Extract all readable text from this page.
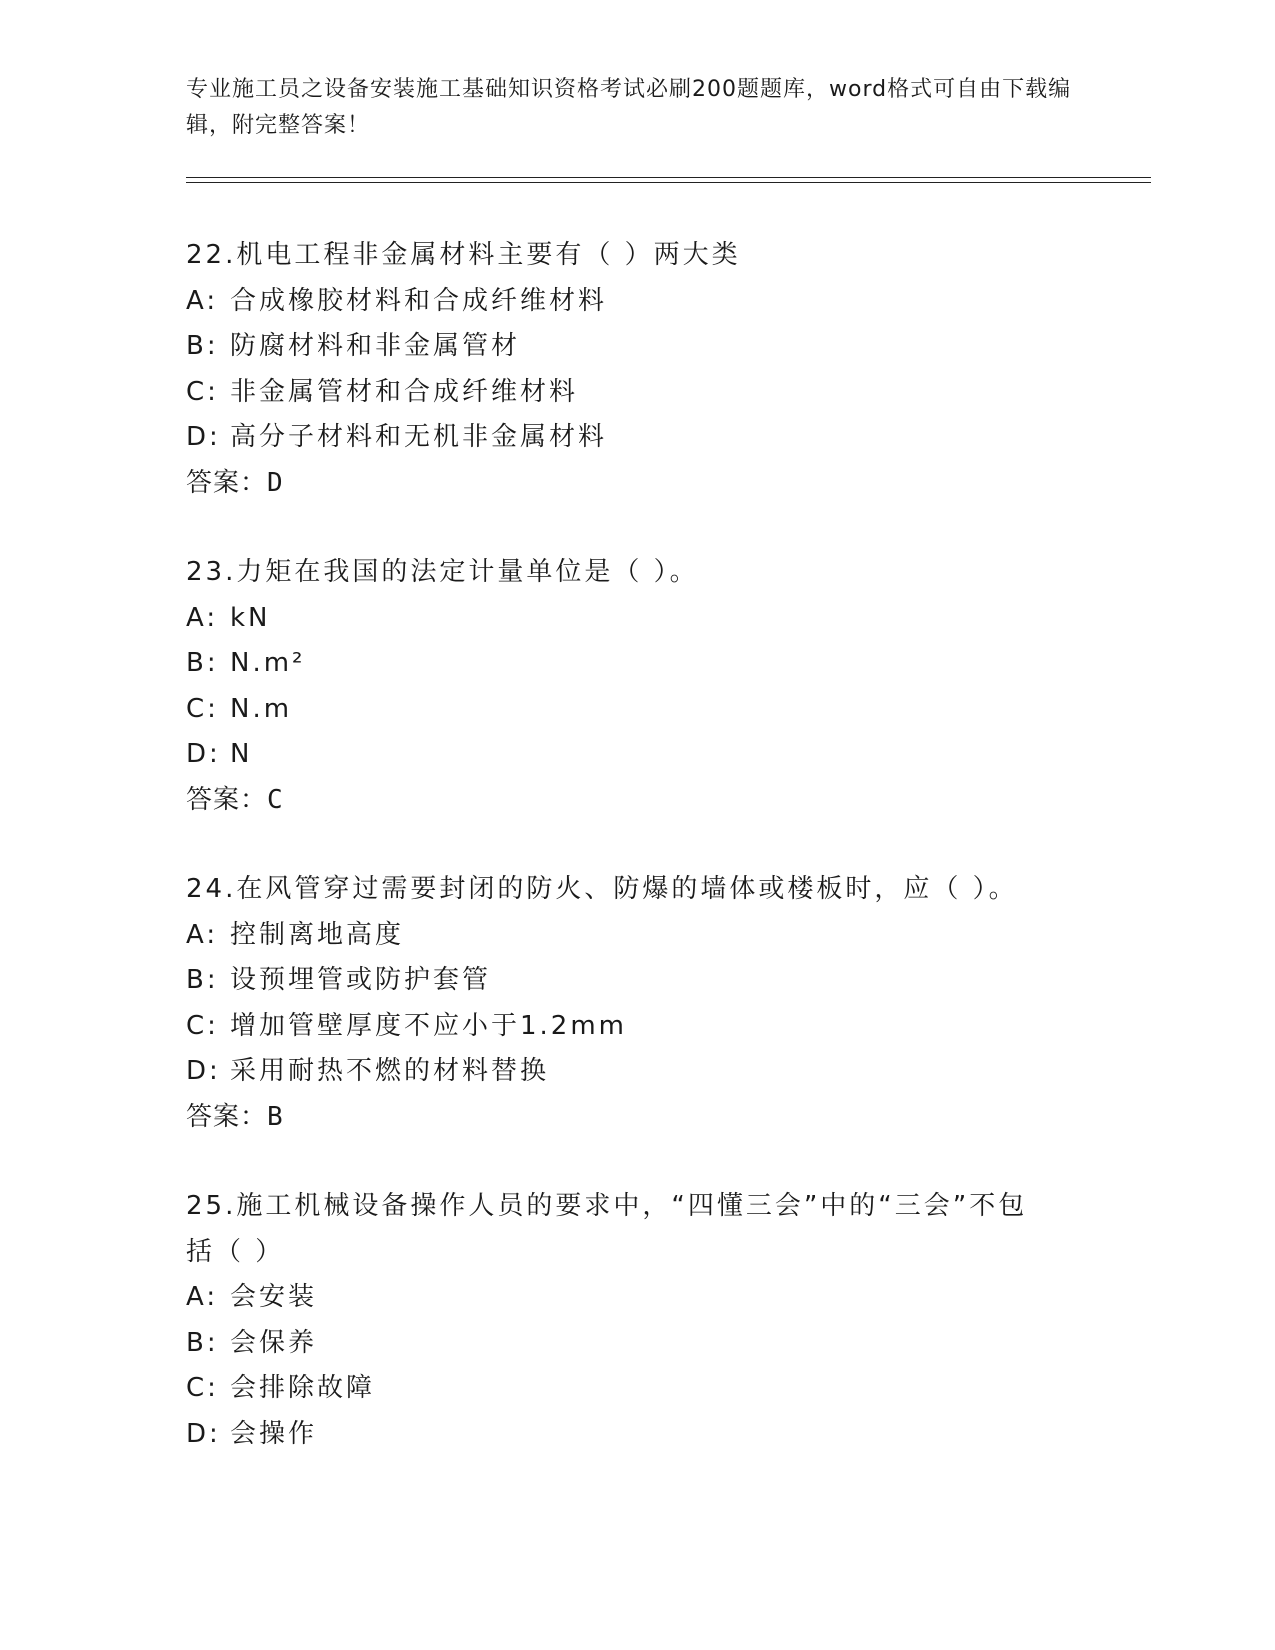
专业施工员之设备安装施工基础知识资格考试必刷200题题库，word格式可自由下载编辑，附完整答案！
22.机电工程非金属材料主要有（ ）两大类
A: 合成橡胶材料和合成纤维材料
B: 防腐材料和非金属管材
C: 非金属管材和合成纤维材料
D: 高分子材料和无机非金属材料
答案：D
23.力矩在我国的法定计量单位是（ ）。
A: kN
B: N.m²
C: N.m
D: N
答案：C
24.在风管穿过需要封闭的防火、防爆的墙体或楼板时，应（ ）。
A: 控制离地高度
B: 设预埋管或防护套管
C: 增加管壁厚度不应小于1.2mm
D: 采用耐热不燃的材料替换
答案：B
25.施工机械设备操作人员的要求中，“四懂三会”中的“三会”不包括（ ）
A: 会安装
B: 会保养
C: 会排除故障
D: 会操作
